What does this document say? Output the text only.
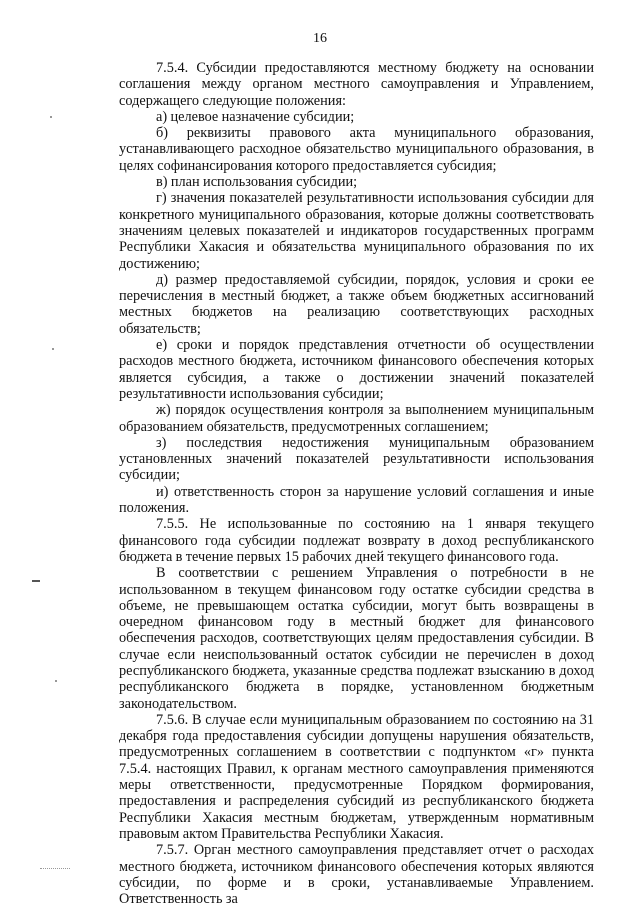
16

7.5.4. Субсидии предоставляются местному бюджету на основании соглашения между органом местного самоуправления и Управлением, содержащего следующие положения:

а) целевое назначение субсидии;

б) реквизиты правового акта муниципального образования, устанавливающего расходное обязательство муниципального образования, в целях софинансирования которого предоставляется субсидия;

в) план использования субсидии;

г) значения показателей результативности использования субсидии для конкретного муниципального образования, которые должны соответствовать значениям целевых показателей и индикаторов государственных программ Республики Хакасия и обязательства муниципального образования по их достижению;

д) размер предоставляемой субсидии, порядок, условия и сроки ее перечисления в местный бюджет, а также объем бюджетных ассигнований местных бюджетов на реализацию соответствующих расходных обязательств;

е) сроки и порядок представления отчетности об осуществлении расходов местного бюджета, источником финансового обеспечения которых является субсидия, а также о достижении значений показателей результативности использования субсидии;

ж) порядок осуществления контроля за выполнением муниципальным образованием обязательств, предусмотренных соглашением;

з) последствия недостижения муниципальным образованием установленных значений показателей результативности использования субсидии;

и) ответственность сторон за нарушение условий соглашения и иные положения.

7.5.5. Не использованные по состоянию на 1 января текущего финансового года субсидии подлежат возврату в доход республиканского бюджета в течение первых 15 рабочих дней текущего финансового года.

В соответствии с решением Управления о потребности в не использованном в текущем финансовом году остатке субсидии средства в объеме, не превышающем остатка субсидии, могут быть возвращены в очередном финансовом году в местный бюджет для финансового обеспечения расходов, соответствующих целям предоставления субсидии. В случае если неиспользованный остаток субсидии не перечислен в доход республиканского бюджета, указанные средства подлежат взысканию в доход республиканского бюджета в порядке, установленном бюджетным законодательством.

7.5.6. В случае если муниципальным образованием по состоянию на 31 декабря года предоставления субсидии допущены нарушения обязательств, предусмотренных соглашением в соответствии с подпунктом «г» пункта 7.5.4. настоящих Правил, к органам местного самоуправления применяются меры ответственности, предусмотренные Порядком формирования, предоставления и распределения субсидий из республиканского бюджета Республики Хакасия местным бюджетам, утвержденным нормативным правовым актом Правительства Республики Хакасия.

7.5.7. Орган местного самоуправления представляет отчет о расходах местного бюджета, источником финансового обеспечения которых являются субсидии, по форме и в сроки, устанавливаемые Управлением. Ответственность за
